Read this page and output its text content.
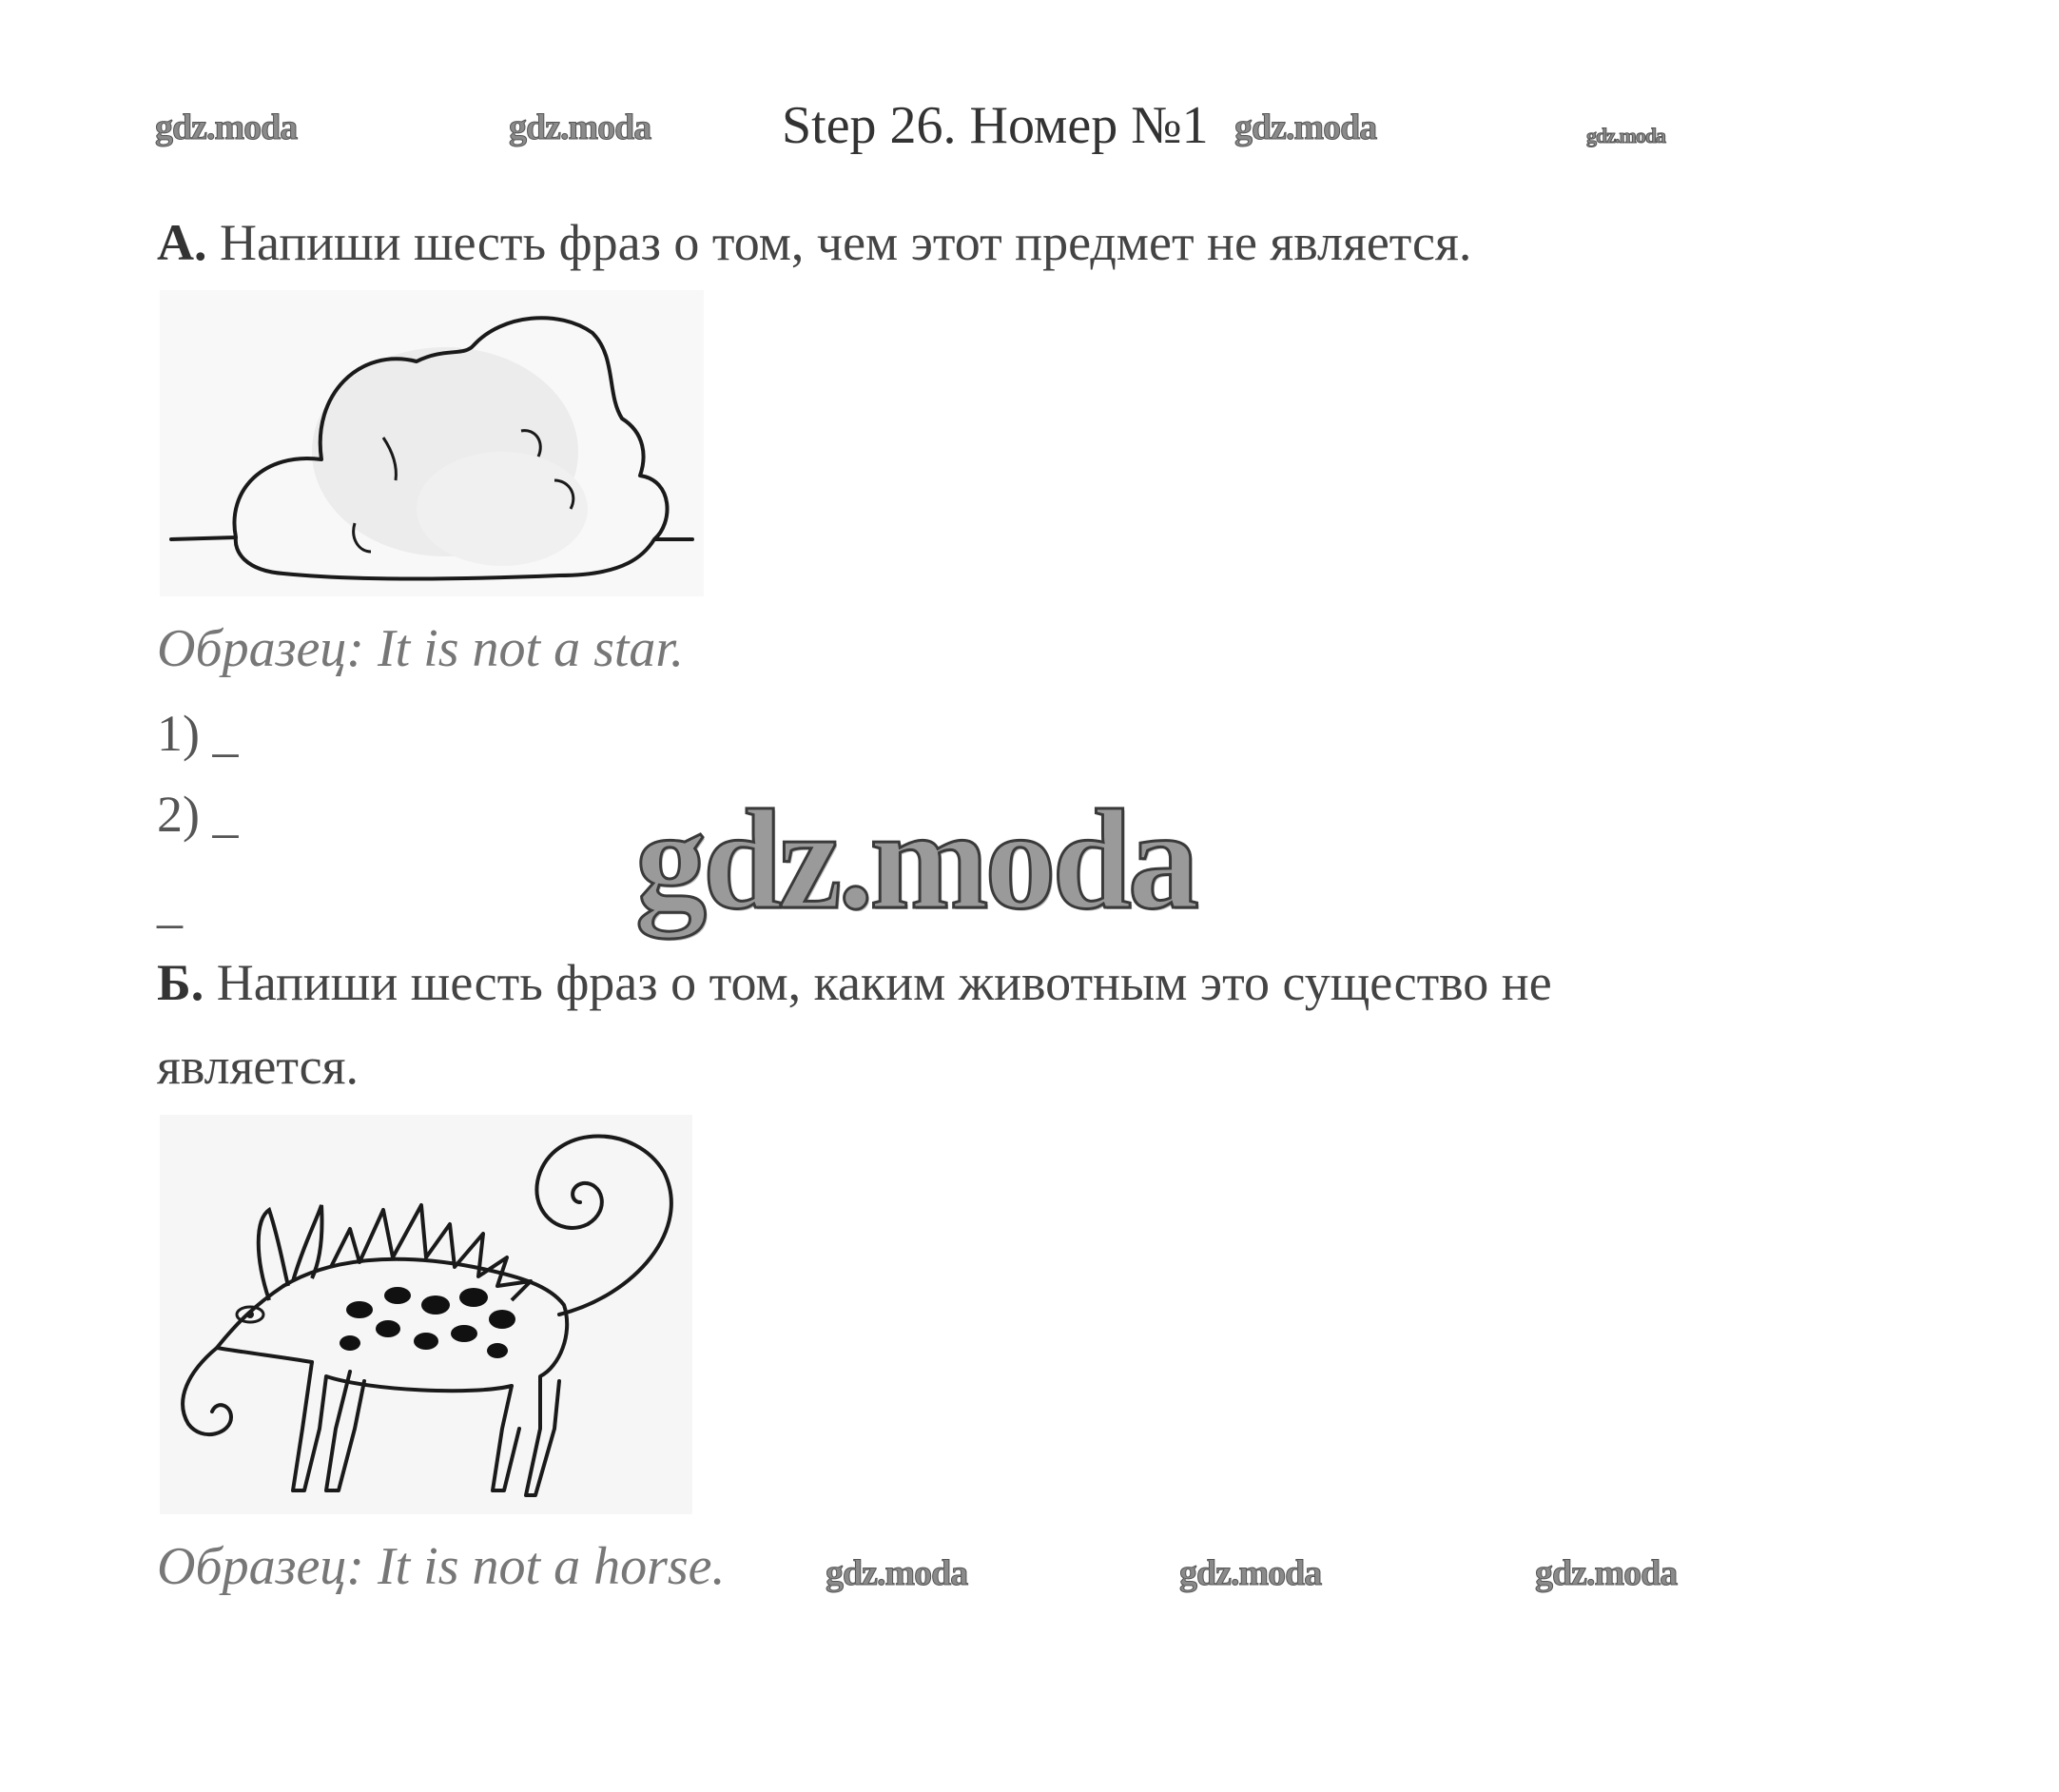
gdz.moda	gdz.moda Step 26. Номер №1 gdz.moda	gdz.moda
А. Напиши шесть фраз о том, чем этот предмет не является.
Образец: It is not a star.
1) _
2) _
_	gdz.moda
Б. Напиши шесть фраз о том, каким животным это существо не
является.
Образец: It is not a horse.	gdz.moda	gdz.moda	gdz.moda
